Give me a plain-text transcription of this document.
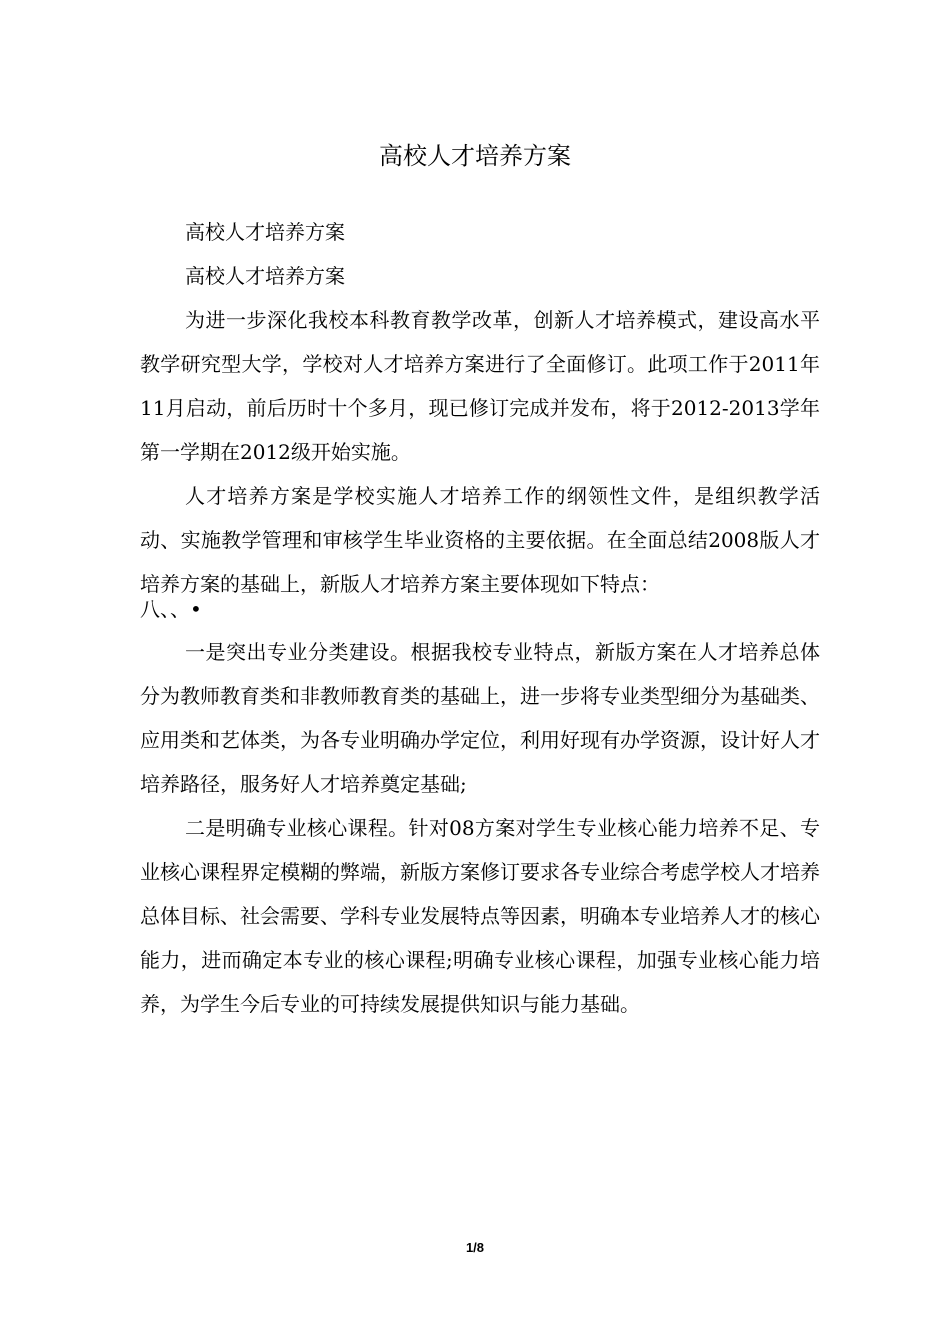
高校人才培养方案

高校人才培养方案

高校人才培养方案

为进一步深化我校本科教育教学改革，创新人才培养模式，建设高水平教学研究型大学，学校对人才培养方案进行了全面修订。此项工作于2011年11月启动，前后历时十个多月，现已修订完成并发布，将于2012-2013学年第一学期在2012级开始实施。

人才培养方案是学校实施人才培养工作的纲领性文件，是组织教学活动、实施教学管理和审核学生毕业资格的主要依据。在全面总结2008版人才培养方案的基础上，新版人才培养方案主要体现如下特点：

八、、•

一是突出专业分类建设。根据我校专业特点，新版方案在人才培养总体分为教师教育类和非教师教育类的基础上，进一步将专业类型细分为基础类、应用类和艺体类，为各专业明确办学定位，利用好现有办学资源，设计好人才培养路径，服务好人才培养奠定基础;

二是明确专业核心课程。针对08方案对学生专业核心能力培养不足、专业核心课程界定模糊的弊端，新版方案修订要求各专业综合考虑学校人才培养总体目标、社会需要、学科专业发展特点等因素，明确本专业培养人才的核心能力，进而确定本专业的核心课程;明确专业核心课程，加强专业核心能力培养，为学生今后专业的可持续发展提供知识与能力基础。

1/8
